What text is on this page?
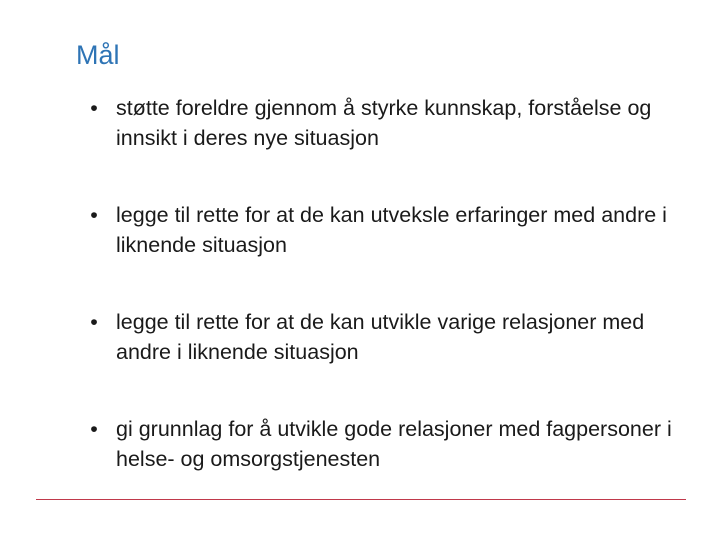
Mål
• støtte foreldre gjennom å styrke kunnskap, forståelse og innsikt i deres nye situasjon
• legge til rette for at de kan utveksle erfaringer med andre i liknende situasjon
• legge til rette for at de kan utvikle varige relasjoner med andre i liknende situasjon
• gi grunnlag for å utvikle gode relasjoner med fagpersoner i helse- og omsorgstjenesten
